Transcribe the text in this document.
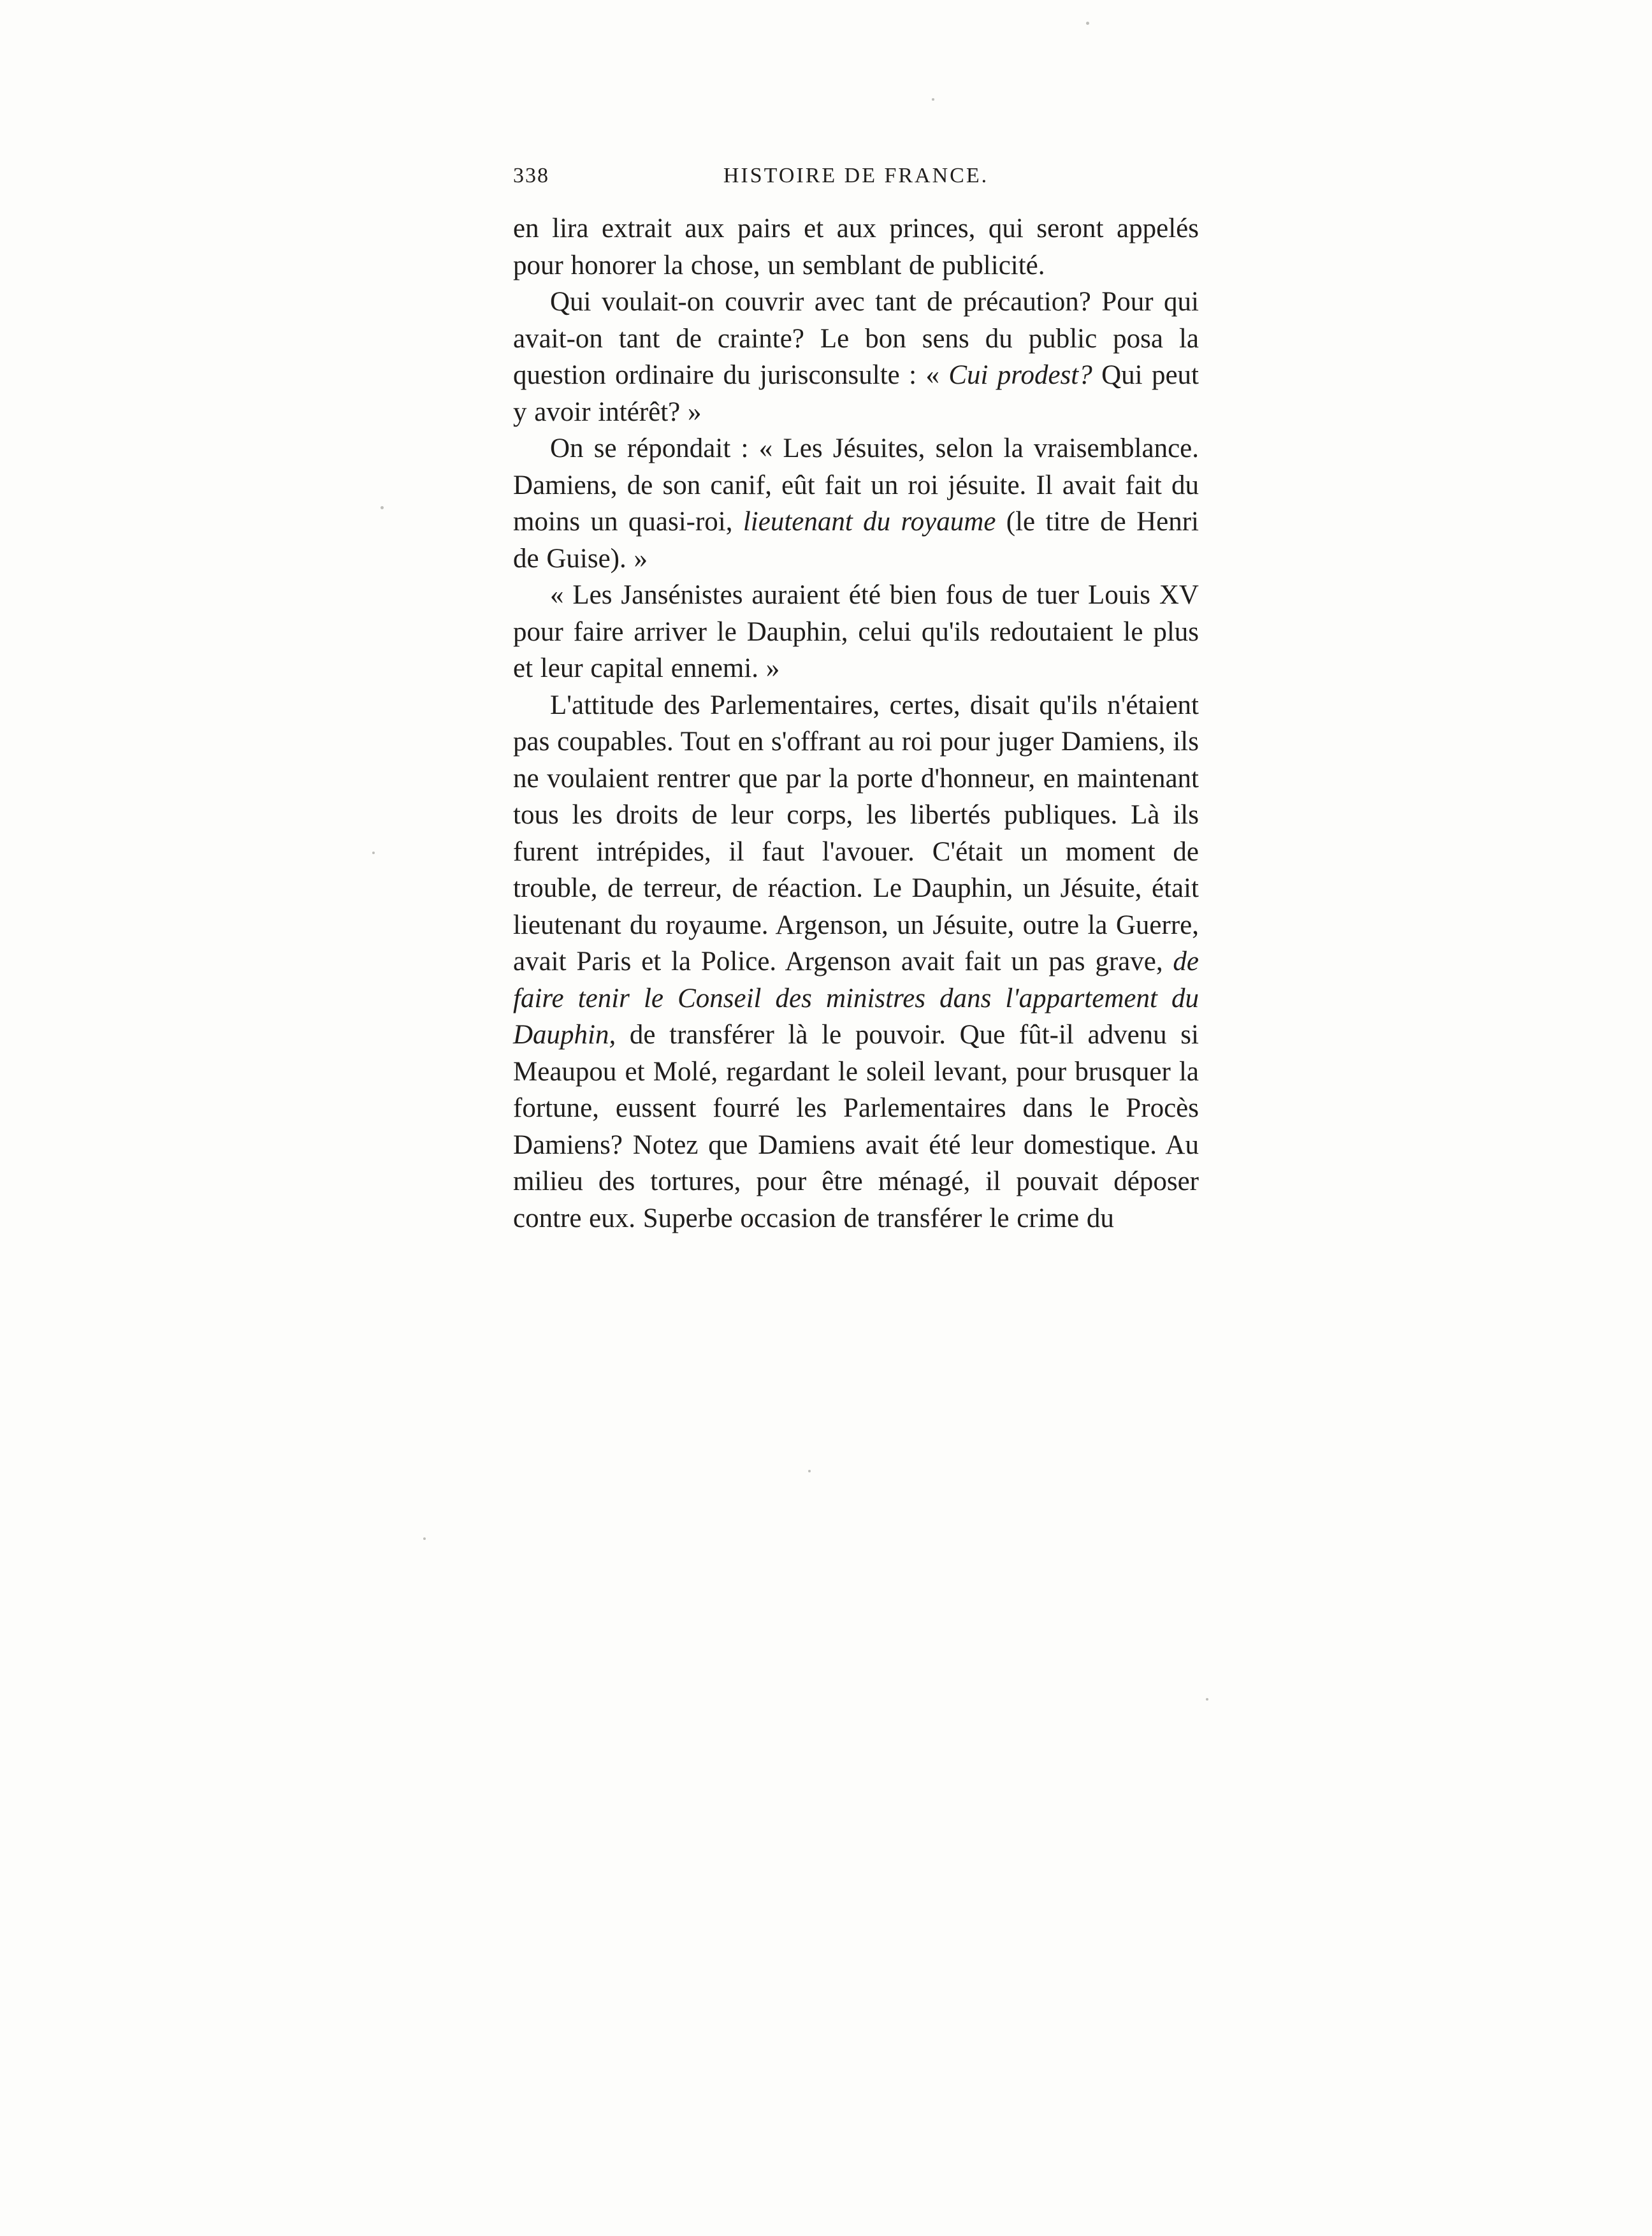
338	HISTOIRE DE FRANCE.

en lira extrait aux pairs et aux princes, qui seront appelés pour honorer la chose, un semblant de publicité.

Qui voulait-on couvrir avec tant de précaution? Pour qui avait-on tant de crainte? Le bon sens du public posa la question ordinaire du jurisconsulte : « Cui prodest? Qui peut y avoir intérêt? »

On se répondait : « Les Jésuites, selon la vraisemblance. Damiens, de son canif, eût fait un roi jésuite. Il avait fait du moins un quasi-roi, lieutenant du royaume (le titre de Henri de Guise). »

« Les Jansénistes auraient été bien fous de tuer Louis XV pour faire arriver le Dauphin, celui qu'ils redoutaient le plus et leur capital ennemi. »

L'attitude des Parlementaires, certes, disait qu'ils n'étaient pas coupables. Tout en s'offrant au roi pour juger Damiens, ils ne voulaient rentrer que par la porte d'honneur, en maintenant tous les droits de leur corps, les libertés publiques. Là ils furent intrépides, il faut l'avouer. C'était un moment de trouble, de terreur, de réaction. Le Dauphin, un Jésuite, était lieutenant du royaume. Argenson, un Jésuite, outre la Guerre, avait Paris et la Police. Argenson avait fait un pas grave, de faire tenir le Conseil des ministres dans l'appartement du Dauphin, de transférer là le pouvoir. Que fût-il advenu si Meaupou et Molé, regardant le soleil levant, pour brusquer la fortune, eussent fourré les Parlementaires dans le Procès Damiens? Notez que Damiens avait été leur domestique. Au milieu des tortures, pour être ménagé, il pouvait déposer contre eux. Superbe occasion de transférer le crime du
